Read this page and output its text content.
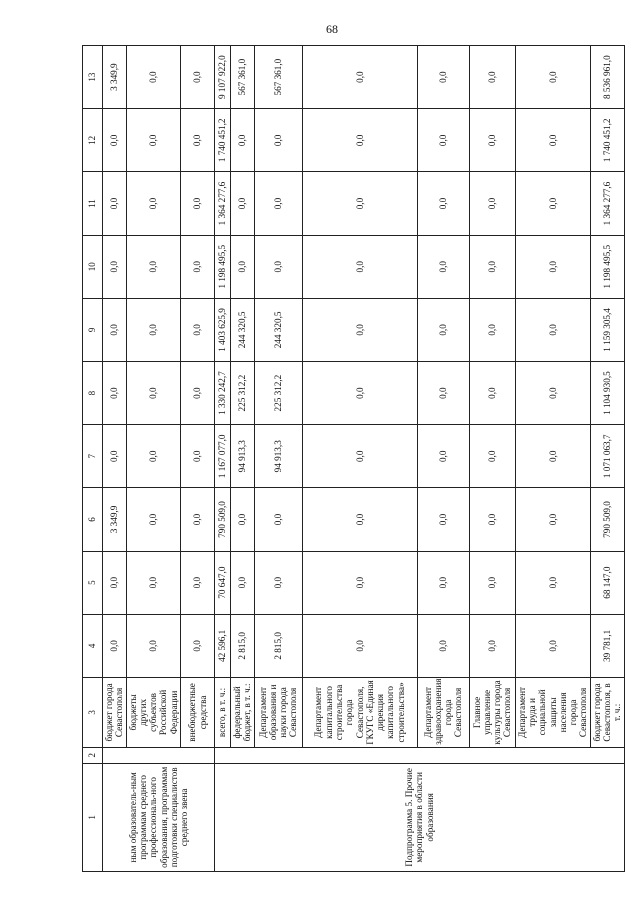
68
1	2	3	4	5	6	7	8	9	10	11	12	13
ным образователь-ным программам среднего профессиональ-ного образования, программам подготовки специалистов среднего звена		бюджет города Севастополя	0,0	0,0	3 349,9	0,0	0,0	0,0	0,0	0,0	0,0	3 349,9
		бюджеты других субъектов Российской Федерации	0,0	0,0	0,0	0,0	0,0	0,0	0,0	0,0	0,0	0,0
		внебюджетные средства	0,0	0,0	0,0	0,0	0,0	0,0	0,0	0,0	0,0	0,0
Подпрограмма 5. Прочие мероприятия в области образования		всего, в т. ч.:	42 596,1	70 647,0	790 509,0	1 167 077,0	1 330 242,7	1 403 625,9	1 198 495,5	1 364 277,6	1 740 451,2	9 107 922,0
		федеральный бюджет, в т. ч.:	2 815,0	0,0	0,0	94 913,3	225 312,2	244 320,5	0,0	0,0	0,0	567 361,0
		Департамент образования и науки города Севастополя	2 815,0	0,0	0,0	94 913,3	225 312,2	244 320,5	0,0	0,0	0,0	567 361,0
		Департамент капитального строительства города Севастополя, ГКУГС «Единая дирекция капитального строительства»	0,0	0,0	0,0	0,0	0,0	0,0	0,0	0,0	0,0	0,0
		Департамент здравоохранения города Севастополя	0,0	0,0	0,0	0,0	0,0	0,0	0,0	0,0	0,0	0,0
		Главное управление культуры города Севастополя	0,0	0,0	0,0	0,0	0,0	0,0	0,0	0,0	0,0	0,0
		Департамент труда и социальной защиты населения города Севастополя	0,0	0,0	0,0	0,0	0,0	0,0	0,0	0,0	0,0	0,0
		бюджет города Севастополя, в т. ч.:	39 781,1	68 147,0	790 509,0	1 071 063,7	1 104 930,5	1 159 305,4	1 198 495,5	1 364 277,6	1 740 451,2	8 536 961,0
